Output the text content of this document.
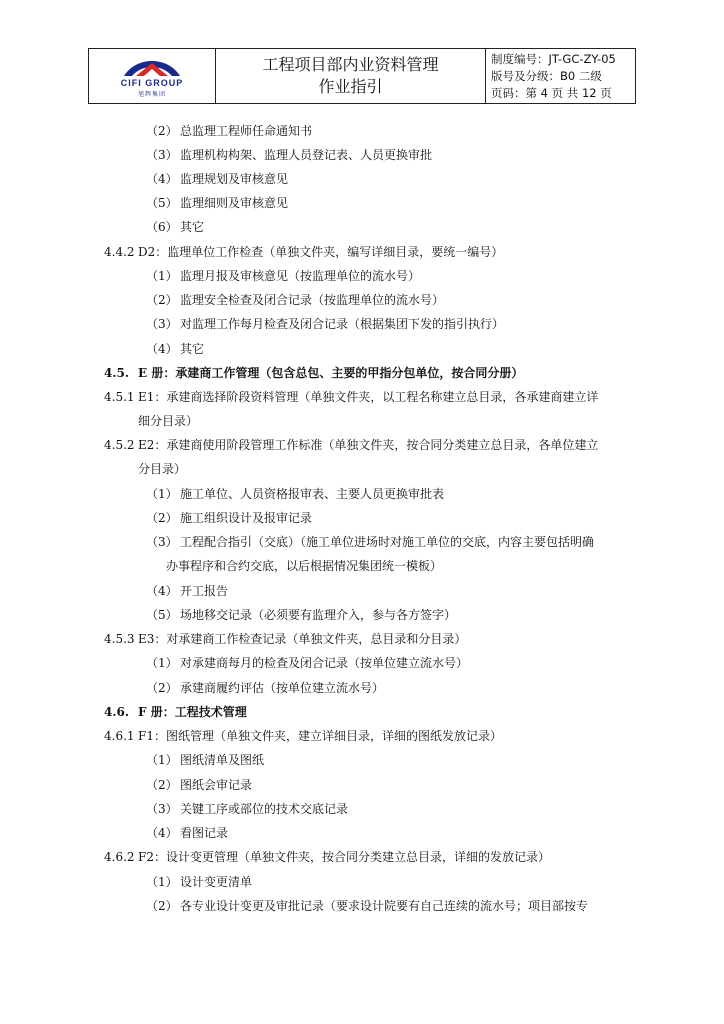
CIFI GROUP
旭辉集团
工程项目部内业资料管理
作业指引
制度编号：JT-GC-ZY-05
版号及分级：B0 二级
页码：第 4 页 共 12 页
（2） 总监理工程师任命通知书
（3） 监理机构构架、监理人员登记表、人员更换审批
（4） 监理规划及审核意见
（5） 监理细则及审核意见
（6） 其它
4.4.2 D2：监理单位工作检查（单独文件夹，编写详细目录，要统一编号）
（1） 监理月报及审核意见（按监理单位的流水号）
（2） 监理安全检查及闭合记录（按监理单位的流水号）
（3） 对监理工作每月检查及闭合记录（根据集团下发的指引执行）
（4） 其它
4.5. E 册：承建商工作管理（包含总包、主要的甲指分包单位，按合同分册）
4.5.1 E1：承建商选择阶段资料管理（单独文件夹，以工程名称建立总目录，各承建商建立详
细分目录）
4.5.2 E2：承建商使用阶段管理工作标准（单独文件夹，按合同分类建立总目录，各单位建立
分目录）
（1） 施工单位、人员资格报审表、主要人员更换审批表
（2） 施工组织设计及报审记录
（3） 工程配合指引（交底）（施工单位进场时对施工单位的交底，内容主要包括明确
办事程序和合约交底，以后根据情况集团统一模板）
（4） 开工报告
（5） 场地移交记录（必须要有监理介入，参与各方签字）
4.5.3 E3：对承建商工作检查记录（单独文件夹，总目录和分目录）
（1） 对承建商每月的检查及闭合记录（按单位建立流水号）
（2） 承建商履约评估（按单位建立流水号）
4.6. F 册：工程技术管理
4.6.1 F1：图纸管理（单独文件夹，建立详细目录，详细的图纸发放记录）
（1） 图纸清单及图纸
（2） 图纸会审记录
（3） 关键工序或部位的技术交底记录
（4） 看图记录
4.6.2 F2：设计变更管理（单独文件夹，按合同分类建立总目录，详细的发放记录）
（1） 设计变更清单
（2） 各专业设计变更及审批记录（要求设计院要有自己连续的流水号；项目部按专
